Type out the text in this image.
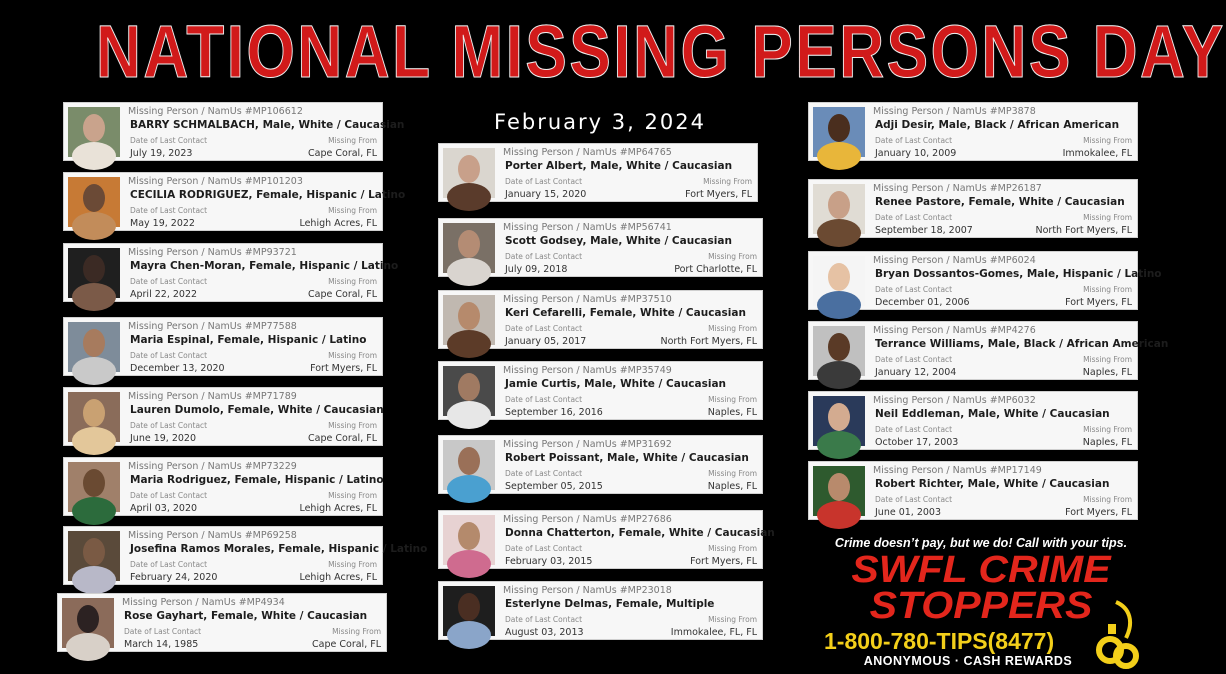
NATIONAL MISSING PERSONS DAY
February 3, 2024
Missing Person / NamUs #MP106612
BARRY SCHMALBACH, Male, White / Caucasian
Date of Last Contact	Missing From
July 19, 2023	Cape Coral, FL
Missing Person / NamUs #MP101203
CECILIA RODRIGUEZ, Female, Hispanic / Latino
Date of Last Contact	Missing From
May 19, 2022	Lehigh Acres, FL
Missing Person / NamUs #MP93721
Mayra Chen-Moran, Female, Hispanic / Latino
Date of Last Contact	Missing From
April 22, 2022	Cape Coral, FL
Missing Person / NamUs #MP77588
Maria Espinal, Female, Hispanic / Latino
Date of Last Contact	Missing From
December 13, 2020	Fort Myers, FL
Missing Person / NamUs #MP71789
Lauren Dumolo, Female, White / Caucasian
Date of Last Contact	Missing From
June 19, 2020	Cape Coral, FL
Missing Person / NamUs #MP73229
Maria Rodriguez, Female, Hispanic / Latino
Date of Last Contact	Missing From
April 03, 2020	Lehigh Acres, FL
Missing Person / NamUs #MP69258
Josefina Ramos Morales, Female, Hispanic / Latino
Date of Last Contact	Missing From
February 24, 2020	Lehigh Acres, FL
Missing Person / NamUs #MP4934
Rose Gayhart, Female, White / Caucasian
Date of Last Contact	Missing From
March 14, 1985	Cape Coral, FL
Missing Person / NamUs #MP64765
Porter Albert, Male, White / Caucasian
Date of Last Contact	Missing From
January 15, 2020	Fort Myers, FL
Missing Person / NamUs #MP56741
Scott Godsey, Male, White / Caucasian
Date of Last Contact	Missing From
July 09, 2018	Port Charlotte, FL
Missing Person / NamUs #MP37510
Keri Cefarelli, Female, White / Caucasian
Date of Last Contact	Missing From
January 05, 2017	North Fort Myers, FL
Missing Person / NamUs #MP35749
Jamie Curtis, Male, White / Caucasian
Date of Last Contact	Missing From
September 16, 2016	Naples, FL
Missing Person / NamUs #MP31692
Robert Poissant, Male, White / Caucasian
Date of Last Contact	Missing From
September 05, 2015	Naples, FL
Missing Person / NamUs #MP27686
Donna Chatterton, Female, White / Caucasian
Date of Last Contact	Missing From
February 03, 2015	Fort Myers, FL
Missing Person / NamUs #MP23018
Esterlyne Delmas, Female, Multiple
Date of Last Contact	Missing From
August 03, 2013	Immokalee, FL, FL
Missing Person / NamUs #MP3878
Adji Desir, Male, Black / African American
Date of Last Contact	Missing From
January 10, 2009	Immokalee, FL
Missing Person / NamUs #MP26187
Renee Pastore, Female, White / Caucasian
Date of Last Contact	Missing From
September 18, 2007	North Fort Myers, FL
Missing Person / NamUs #MP6024
Bryan Dossantos-Gomes, Male, Hispanic / Latino
Date of Last Contact	Missing From
December 01, 2006	Fort Myers, FL
Missing Person / NamUs #MP4276
Terrance Williams, Male, Black / African American
Date of Last Contact	Missing From
January 12, 2004	Naples, FL
Missing Person / NamUs #MP6032
Neil Eddleman, Male, White / Caucasian
Date of Last Contact	Missing From
October 17, 2003	Naples, FL
Missing Person / NamUs #MP17149
Robert Richter, Male, White / Caucasian
Date of Last Contact	Missing From
June 01, 2003	Fort Myers, FL
Crime doesn’t pay, but we do! Call with your tips.
SWFL CRIME
STOPPERS
1-800-780-TIPS(8477)
ANONYMOUS · CASH REWARDS
